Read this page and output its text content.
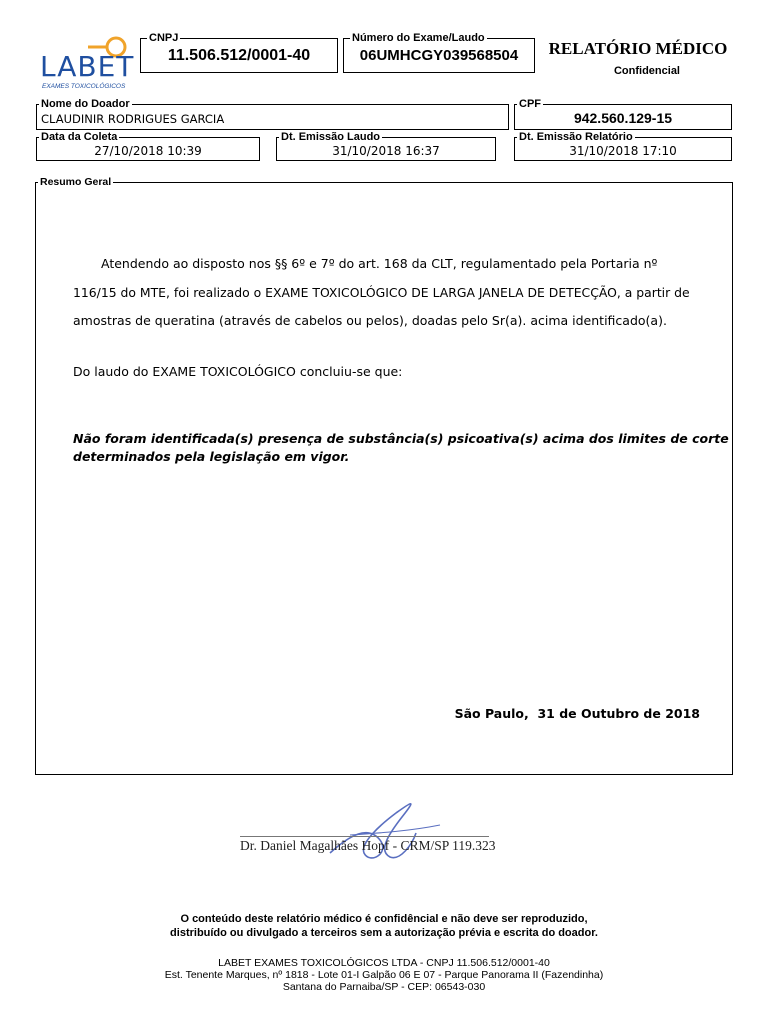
LABET
EXAMES TOXICOLÓGICOS
CNPJ
11.506.512/0001-40
Número do Exame/Laudo
06UMHCGY039568504	RELATÓRIO MÉDICO
Confidencial
Nome do Doador
CLAUDINIR RODRIGUES GARCIA
CPF
942.560.129-15
Data da Coleta
27/10/2018 10:39
Dt. Emissão Laudo
31/10/2018 16:37
Dt. Emissão Relatório
31/10/2018 17:10
Resumo Geral
Atendendo ao disposto nos §§ 6º e 7º do art. 168 da CLT, regulamentado pela Portaria nº
116/15 do MTE, foi realizado o EXAME TOXICOLÓGICO DE LARGA JANELA DE DETECÇÃO, a partir de
amostras de queratina (através de cabelos ou pelos), doadas pelo Sr(a). acima identificado(a).
Do laudo do EXAME TOXICOLÓGICO concluiu-se que:
Não foram identificada(s) presença de substância(s) psicoativa(s) acima dos limites de corte
determinados pela legislação em vigor.
São Paulo,  31 de Outubro de 2018
Dr. Daniel Magalhães Hopf - CRM/SP 119.323
O conteúdo deste relatório médico é confidêncial e não deve ser reproduzido,
distribuído ou divulgado a terceiros sem a autorização prévia e escrita do doador.
LABET EXAMES TOXICOLÓGICOS LTDA - CNPJ 11.506.512/0001-40
Est. Tenente Marques, nº 1818 - Lote 01-I Galpão 06 E 07 - Parque Panorama II (Fazendinha)
Santana do Parnaiba/SP - CEP: 06543-030
